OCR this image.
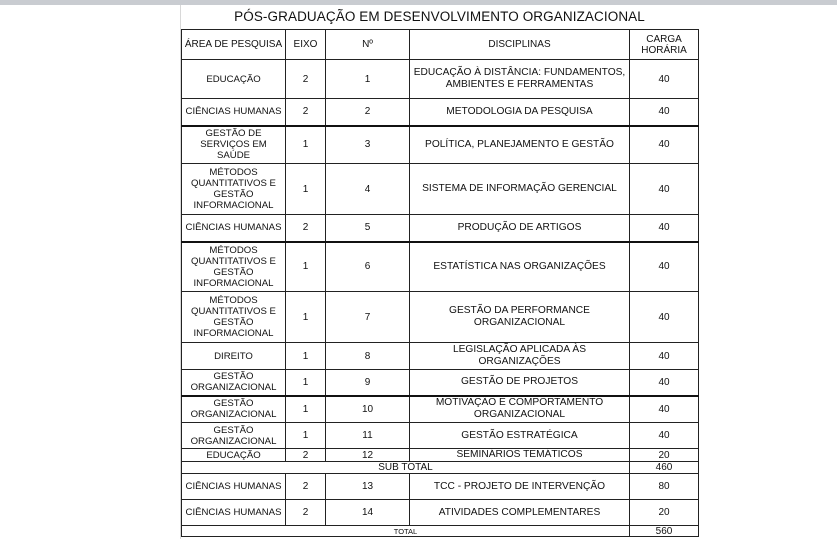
PÓS-GRADUAÇÃO EM DESENVOLVIMENTO ORGANIZACIONAL
ÁREA DE PESQUISA	EIXO	Nº	DISCIPLINAS	CARGA HORÁRIA
EDUCAÇÃO	2	1	EDUCAÇÃO À DISTÂNCIA: FUNDAMENTOS, AMBIENTES E FERRAMENTAS	40
CIÊNCIAS HUMANAS	2	2	METODOLOGIA DA PESQUISA	40
GESTÃO DE SERVIÇOS EM SAÚDE	1	3	POLÍTICA, PLANEJAMENTO E GESTÃO	40
MÉTODOS QUANTITATIVOS E GESTÃO INFORMACIONAL	1	4	SISTEMA DE INFORMAÇÃO GERENCIAL	40
CIÊNCIAS HUMANAS	2	5	PRODUÇÃO DE ARTIGOS	40
MÉTODOS QUANTITATIVOS E GESTÃO INFORMACIONAL	1	6	ESTATÍSTICA NAS ORGANIZAÇÕES	40
MÉTODOS QUANTITATIVOS E GESTÃO INFORMACIONAL	1	7	GESTÃO DA PERFORMANCE ORGANIZACIONAL	40
DIREITO	1	8	LEGISLAÇÃO APLICADA ÀS ORGANIZAÇÕES	40
GESTÃO ORGANIZACIONAL	1	9	GESTÃO DE PROJETOS	40
GESTÃO ORGANIZACIONAL	1	10	MOTIVAÇÃO E COMPORTAMENTO ORGANIZACIONAL	40
GESTÃO ORGANIZACIONAL	1	11	GESTÃO ESTRATÉGICA	40
EDUCAÇÃO	2	12	SEMINÁRIOS TEMÁTICOS	20
SUB TOTAL				460
CIÊNCIAS HUMANAS	2	13	TCC - PROJETO DE INTERVENÇÃO	80
CIÊNCIAS HUMANAS	2	14	ATIVIDADES COMPLEMENTARES	20
TOTAL				560
